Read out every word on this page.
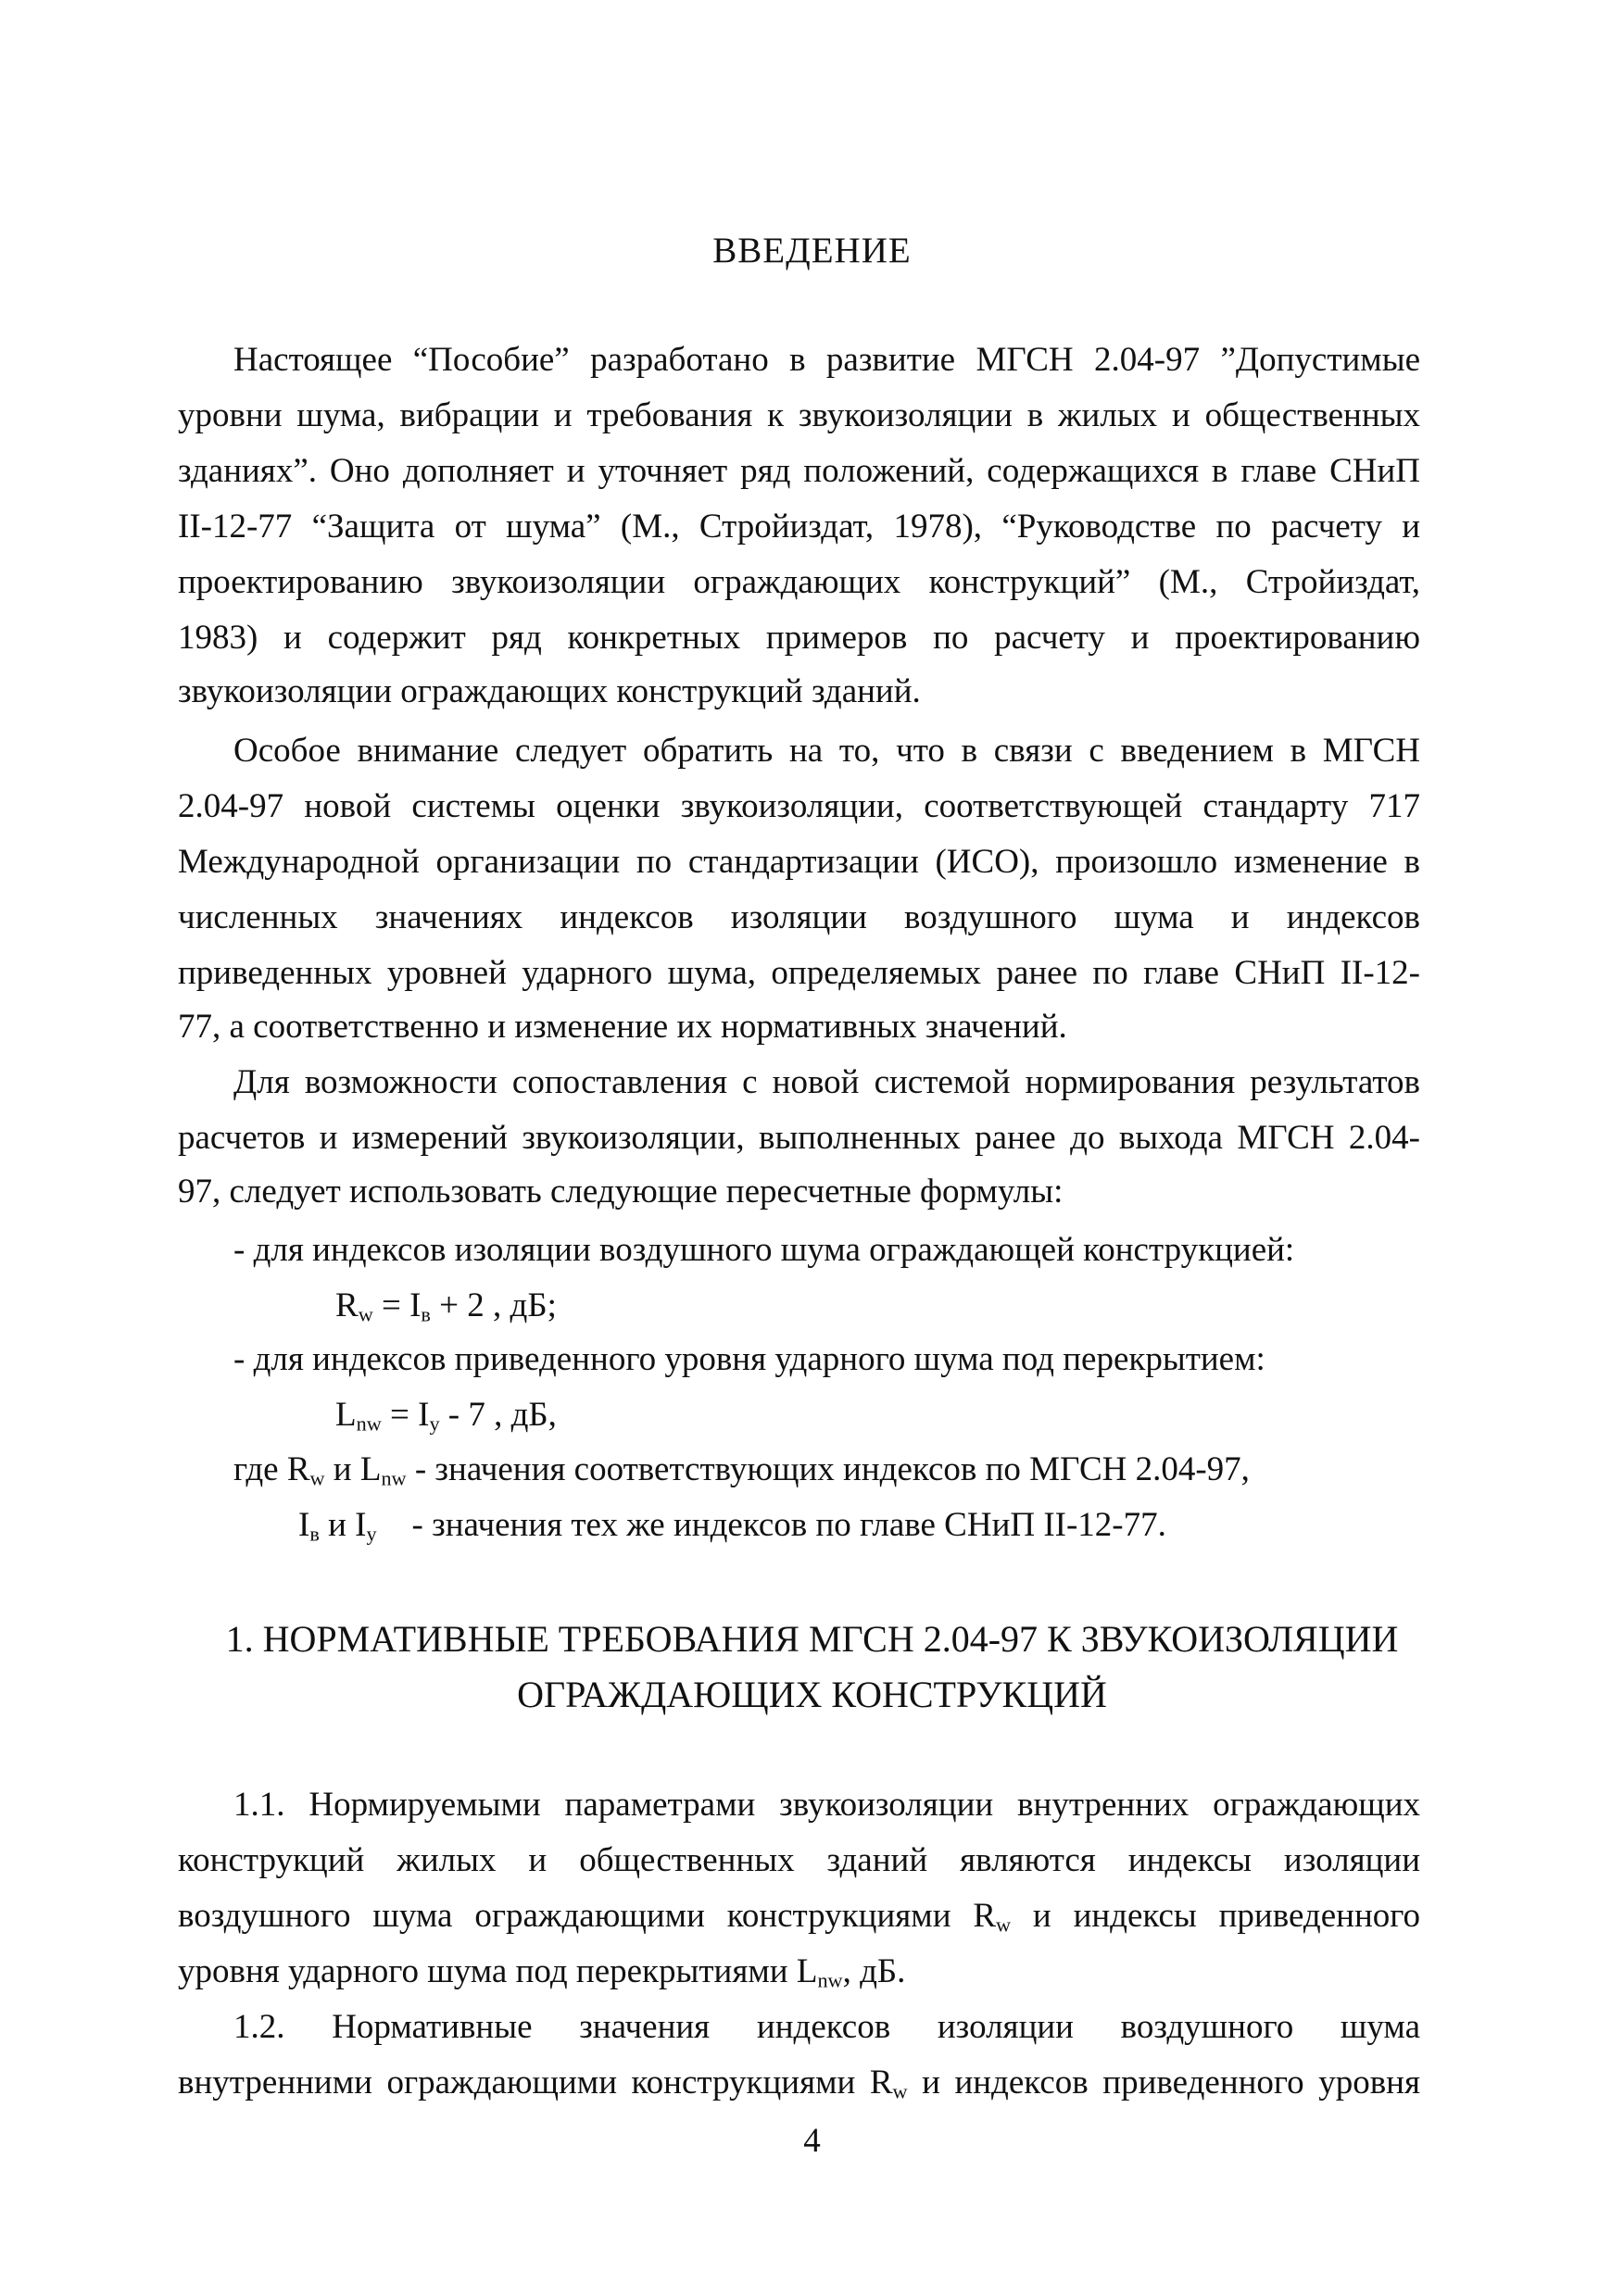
ВВЕДЕНИЕ
Настоящее “Пособие” разработано в развитие МГСН 2.04-97 ”Допустимые
уровни шума, вибрации и требования к звукоизоляции в жилых и общественных
зданиях”. Оно дополняет и уточняет ряд положений, содержащихся в главе СНиП
II-12-77 “Защита от шума” (М., Стройиздат, 1978), “Руководстве по расчету и
проектированию звукоизоляции ограждающих конструкций” (М., Стройиздат,
1983) и содержит ряд конкретных примеров по расчету и проектированию
звукоизоляции ограждающих конструкций зданий.
Особое внимание следует обратить на то, что в связи с введением в МГСН
2.04-97 новой системы оценки звукоизоляции, соответствующей стандарту 717
Международной организации по стандартизации (ИСО), произошло изменение в
численных значениях индексов изоляции воздушного шума и индексов
приведенных уровней ударного шума, определяемых ранее по главе СНиП II-12-
77, а соответственно и изменение их нормативных значений.
Для возможности сопоставления с новой системой нормирования результатов
расчетов и измерений звукоизоляции, выполненных ранее до выхода МГСН 2.04-
97, следует использовать следующие пересчетные формулы:
- для индексов изоляции воздушного шума ограждающей конструкцией:
$R_w = I_в + 2$ , дБ;
- для индексов приведенного уровня ударного шума под перекрытием:
$L_{nw} = I_у - 7$ , дБ,
где $R_w$ и $L_{nw}$ - значения соответствующих индексов по МГСН 2.04-97,
$I_в$ и $I_у$ - значения тех же индексов по главе СНиП II-12-77.
1. НОРМАТИВНЫЕ ТРЕБОВАНИЯ МГСН 2.04-97 К ЗВУКОИЗОЛЯЦИИ
ОГРАЖДАЮЩИХ КОНСТРУКЦИЙ
1.1. Нормируемыми параметрами звукоизоляции внутренних ограждающих
конструкций жилых и общественных зданий являются индексы изоляции
воздушного шума ограждающими конструкциями $R_w$ и индексы приведенного
уровня ударного шума под перекрытиями $L_{nw}$, дБ.
1.2. Нормативные значения индексов изоляции воздушного шума
внутренними ограждающими конструкциями $R_w$ и индексов приведенного уровня
4
